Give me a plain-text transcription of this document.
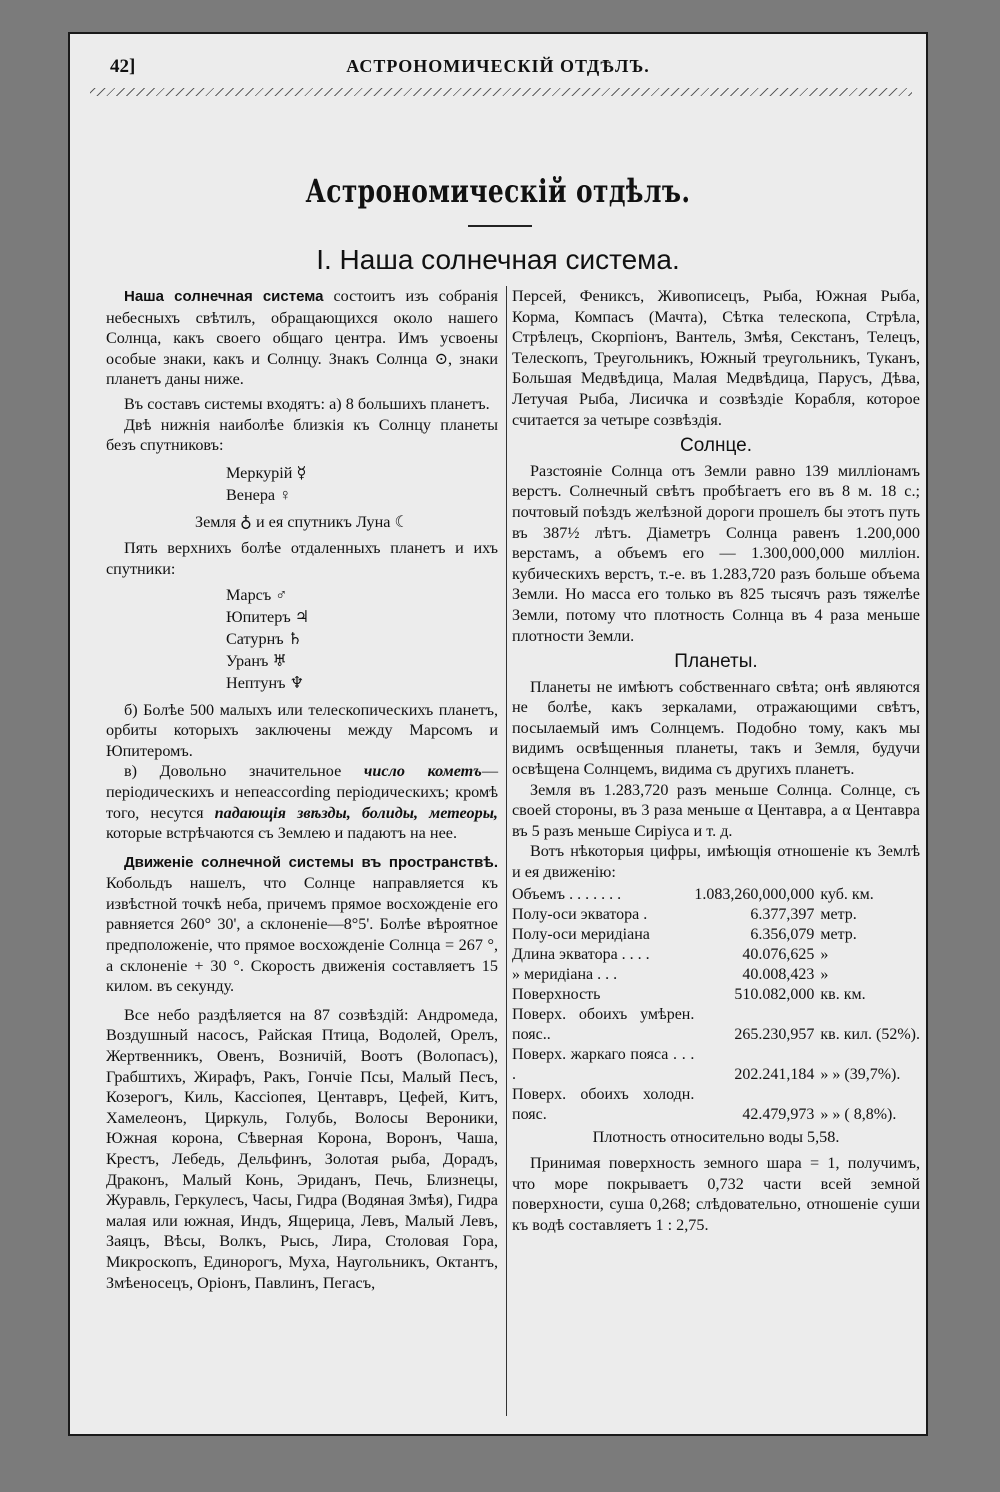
42]	АСТРОНОМИЧЕСКІЙ ОТДѢЛЪ.
Астрономическій отдѣлъ.
I. Наша солнечная система.

Наша солнечная система состоитъ изъ собранія небесныхъ свѣтилъ, обращающихся около нашего Солнца, какъ своего общаго центра. Имъ усвоены особые знаки, какъ и Солнцу. Знакъ Солнца ⊙, знаки планетъ даны ниже.

Въ составъ системы входятъ: а) 8 большихъ планетъ.

Двѣ нижнія наиболѣе близкія къ Солнцу планеты безъ спутниковъ:

Меркурій ☿
Венера ♀

Земля ♁ и ея спутникъ Луна ☾

Пять верхнихъ болѣе отдаленныхъ планетъ и ихъ спутники:

Марсъ ♂
Юпитеръ ♃
Сатурнъ ♄
Уранъ ♅
Нептунъ ♆

б) Болѣе 500 малыхъ или телескопическихъ планетъ, орбиты которыхъ заключены между Марсомъ и Юпитеромъ.

в) Довольно значительное число кометъ— періодическихъ и непеaccording періодическихъ; кромѣ того, несутся падающія звѣзды, болиды, метеоры, которые встрѣчаются съ Землею и падаютъ на нее.

Движеніе солнечной системы въ пространствѣ. Кобольдъ нашелъ, что Солнце направляется къ извѣстной точкѣ неба, причемъ прямое восхожденіе его равняется 260° 30', а склоненіе—8°5'. Болѣе вѣроятное предположеніе, что прямое восхожденіе Солнца = 267 °, а склоненіе + 30 °. Скорость движенія составляетъ 15 килом. въ секунду.

Все небо раздѣляется на 87 созвѣздій: Андромеда, Воздушный насосъ, Райская Птица, Водолей, Орелъ, Жертвенникъ, Овенъ, Возничій, Воотъ (Волопасъ), Грабштихъ, Жирафъ, Ракъ, Гончіе Псы, Малый Песъ, Козерогъ, Киль, Кассіопея, Центавръ, Цефей, Китъ, Хамелеонъ, Циркуль, Голубь, Волосы Вероники, Южная корона, Сѣверная Корона, Воронъ, Чаша, Крестъ, Лебедь, Дельфинъ, Золотая рыба, Дорадъ, Драконъ, Малый Конь, Эриданъ, Печь, Близнецы, Журавль, Геркулесъ, Часы, Гидра (Водяная Змѣя), Гидра малая или южная, Индъ, Ящерица, Левъ, Малый Левъ, Заяцъ, Вѣсы, Волкъ, Рысь, Лира, Столовая Гора, Микроскопъ, Единорогъ, Муха, Наугольникъ, Октантъ, Змѣеносецъ, Оріонъ, Павлинъ, Пегасъ,

Персей, Фениксъ, Живописецъ, Рыба, Южная Рыба, Корма, Компасъ (Мачта), Сѣтка телескопа, Стрѣла, Стрѣлецъ, Скорпіонъ, Вантель, Змѣя, Секстанъ, Телецъ, Телескопъ, Треугольникъ, Южный треугольникъ, Туканъ, Большая Медвѣдица, Малая Медвѣдица, Парусъ, Дѣва, Летучая Рыба, Лисичка и созвѣздіе Корабля, которое считается за четыре созвѣздія.

Солнце.

Разстояніе Солнца отъ Земли равно 139 милліонамъ верстъ. Солнечный свѣтъ пробѣгаетъ его въ 8 м. 18 с.; почтовый поѣздъ желѣзной дороги прошелъ бы этотъ путь въ 387½ лѣтъ. Діаметръ Солнца равенъ 1.200,000 верстамъ, а объемъ его — 1.300,000,000 милліон. кубическихъ верстъ, т.-е. въ 1.283,720 разъ больше объема Земли. Но масса его только въ 825 тысячъ разъ тяжелѣе Земли, потому что плотность Солнца въ 4 раза меньше плотности Земли.

Планеты.

Планеты не имѣютъ собственнаго свѣта; онѣ являются не болѣе, какъ зеркалами, отражающими свѣтъ, посылаемый имъ Солнцемъ. Подобно тому, какъ мы видимъ освѣщенныя планеты, такъ и Земля, будучи освѣщена Солнцемъ, видима съ другихъ планетъ.

Земля въ 1.283,720 разъ меньше Солнца. Солнце, съ своей стороны, въ 3 раза меньше α Центавра, а α Центавра въ 5 разъ меньше Сиріуса и т. д.

Вотъ нѣкоторыя цифры, имѣющія отношеніе къ Землѣ и ея движенію:

Объемъ . . . . . . .	1.083,260,000,000	куб. км.
Полу-оси экватора .	6.377,397	метр.
Полу-оси меридіана	6.356,079	метр.
Длина экватора . . . .	40.076,625	»
» меридіана . . .	40.008,423	»
Поверхность	510.082,000	кв. км.
Поверх. обоихъ умѣрен. пояс..	265.230,957	кв. кил. (52%).
Поверх. жаркаго пояса . . . .	202.241,184	» » (39,7%).
Поверх. обоихъ холодн. пояс.	42.479,973	» » ( 8,8%).

Плотность относительно воды 5,58.

Принимая поверхность земного шара = 1, получимъ, что море покрываетъ 0,732 части всей земной поверхности, суша 0,268; слѣдовательно, отношеніе суши къ водѣ составляетъ 1 : 2,75.
